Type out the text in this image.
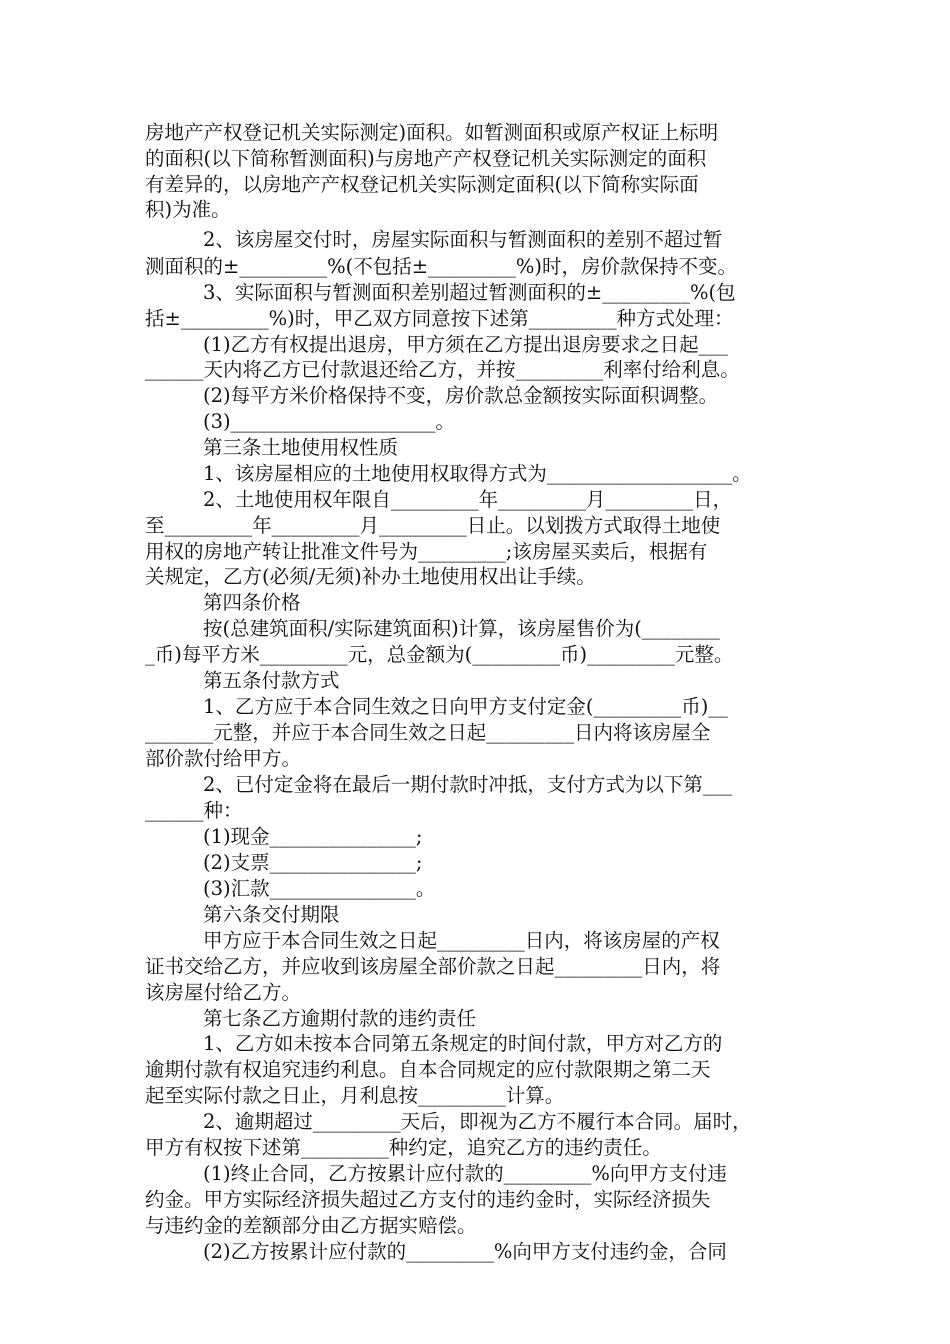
房地产产权登记机关实际测定)面积。如暂测面积或原产权证上标明
的面积(以下简称暂测面积)与房地产产权登记机关实际测定的面积
有差异的，以房地产产权登记机关实际测定面积(以下简称实际面
积)为准。
2、该房屋交付时，房屋实际面积与暂测面积的差别不超过暂
测面积的±_________%(不包括±_________%)时，房价款保持不变。
3、实际面积与暂测面积差别超过暂测面积的±_________%(包
括±_________%)时，甲乙双方同意按下述第_________种方式处理：
(1)乙方有权提出退房，甲方须在乙方提出退房要求之日起___
______天内将乙方已付款退还给乙方，并按_________利率付给利息。
(2)每平方米价格保持不变，房价款总金额按实际面积调整。
(3)_____________________。
第三条土地使用权性质
1、该房屋相应的土地使用权取得方式为___________________。
2、土地使用权年限自_________年_________月_________日，
至_________年_________月_________日止。以划拨方式取得土地使
用权的房地产转让批准文件号为_________;该房屋买卖后，根据有
关规定，乙方(必须/无须)补办土地使用权出让手续。
第四条价格
按(总建筑面积/实际建筑面积)计算，该房屋售价为(________
_币)每平方米_________元，总金额为(_________币)_________元整。
第五条付款方式
1、乙方应于本合同生效之日向甲方支付定金(_________币)__
_______元整，并应于本合同生效之日起_________日内将该房屋全
部价款付给甲方。
2、已付定金将在最后一期付款时冲抵，支付方式为以下第___
______种：
(1)现金_______________;
(2)支票_______________;
(3)汇款_______________。
第六条交付期限
甲方应于本合同生效之日起_________日内，将该房屋的产权
证书交给乙方，并应收到该房屋全部价款之日起_________日内，将
该房屋付给乙方。
第七条乙方逾期付款的违约责任
1、乙方如未按本合同第五条规定的时间付款，甲方对乙方的
逾期付款有权追究违约利息。自本合同规定的应付款限期之第二天
起至实际付款之日止，月利息按_________计算。
2、逾期超过_________天后，即视为乙方不履行本合同。届时，
甲方有权按下述第_________种约定，追究乙方的违约责任。
(1)终止合同，乙方按累计应付款的_________%向甲方支付违
约金。甲方实际经济损失超过乙方支付的违约金时，实际经济损失
与违约金的差额部分由乙方据实赔偿。
(2)乙方按累计应付款的_________%向甲方支付违约金，合同
